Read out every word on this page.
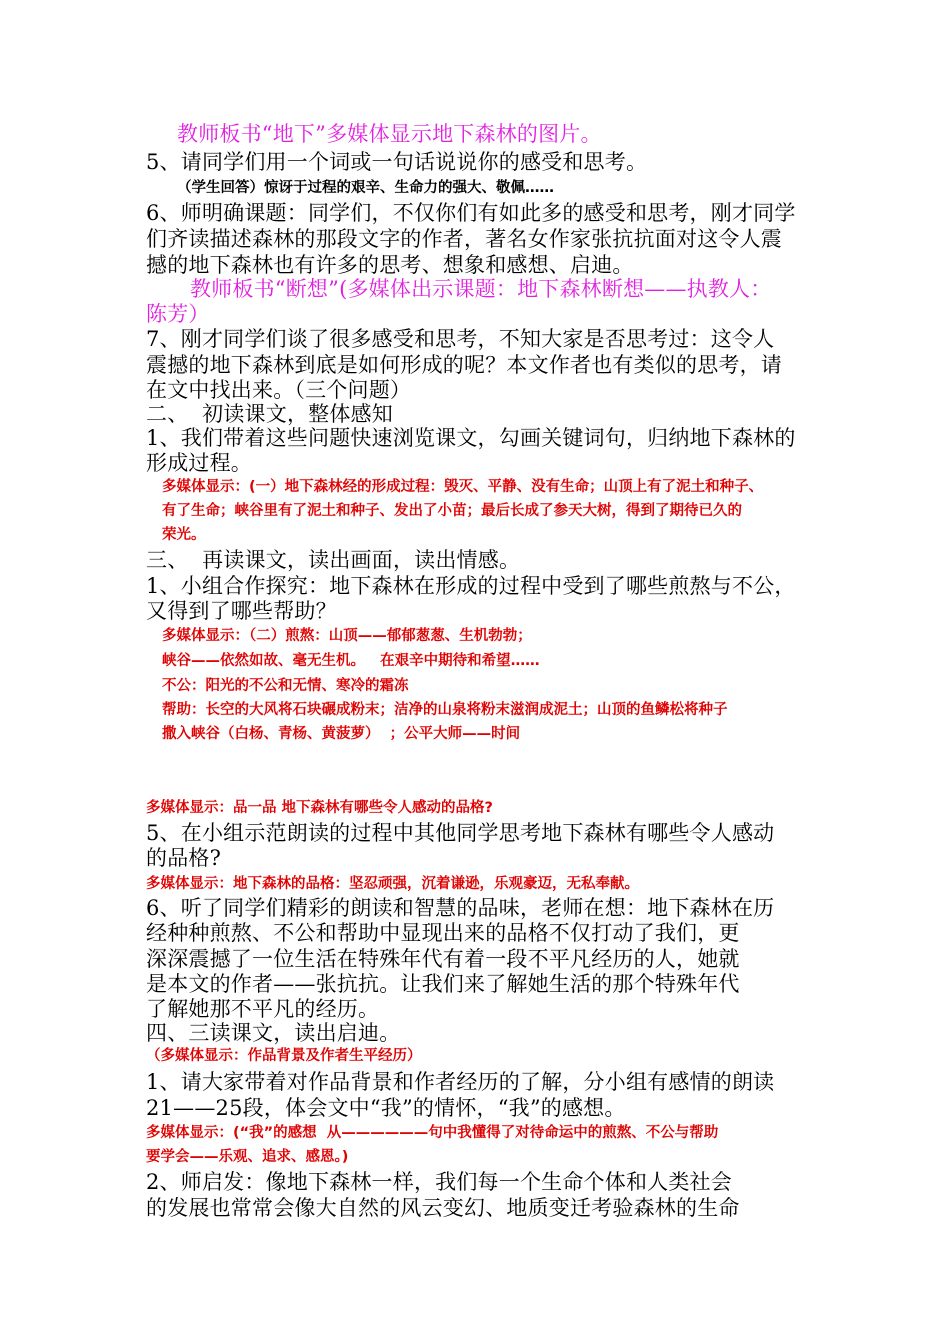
教师板书“地下”多媒体显示地下森林的图片。
5、请同学们用一个词或一句话说说你的感受和思考。
（学生回答）惊讶于过程的艰辛、生命力的强大、敬佩……
6、师明确课题：同学们，不仅你们有如此多的感受和思考，刚才同学
们齐读描述森林的那段文字的作者，著名女作家张抗抗面对这令人震
撼的地下森林也有许多的思考、想象和感想、启迪。
教师板书“断想”(多媒体出示课题：地下森林断想——执教人：
陈芳）
7、刚才同学们谈了很多感受和思考，不知大家是否思考过：这令人
震撼的地下森林到底是如何形成的呢？本文作者也有类似的思考，请
在文中找出来。（三个问题）
二、  初读课文，整体感知
1、我们带着这些问题快速浏览课文，勾画关键词句，归纳地下森林的
形成过程。
多媒体显示：(一）地下森林经的形成过程：毁灭、平静、没有生命；山顶上有了泥土和种子、
有了生命；峡谷里有了泥土和种子、发出了小苗；最后长成了参天大树，得到了期待已久的
荣光。
三、  再读课文，读出画面，读出情感。
1、小组合作探究：地下森林在形成的过程中受到了哪些煎熬与不公，
又得到了哪些帮助？
多媒体显示：（二）煎熬：山顶——郁郁葱葱、生机勃勃；
峡谷——依然如故、毫无生机。   在艰辛中期待和希望……
不公：阳光的不公和无情、寒冷的霜冻
帮助：长空的大风将石块碾成粉末；洁净的山泉将粉末滋润成泥土；山顶的鱼鳞松将种子
撒入峡谷（白杨、青杨、黄菠萝）  ；公平大师——时间
多媒体显示：品一品 地下森林有哪些令人感动的品格?
5、在小组示范朗读的过程中其他同学思考地下森林有哪些令人感动
的品格?
多媒体显示：地下森林的品格：坚忍顽强，沉着谦逊，乐观豪迈，无私奉献。
6、听了同学们精彩的朗读和智慧的品味，老师在想：地下森林在历
经种种煎熬、不公和帮助中显现出来的品格不仅打动了我们，更
深深震撼了一位生活在特殊年代有着一段不平凡经历的人，她就
是本文的作者——张抗抗。让我们来了解她生活的那个特殊年代
了解她那不平凡的经历。
四、三读课文，读出启迪。
（多媒体显示：作品背景及作者生平经历）
1、请大家带着对作品背景和作者经历的了解，分小组有感情的朗读
21——25段，体会文中“我”的情怀，“我”的感想。
多媒体显示：(“我”的感想  从——————句中我懂得了对待命运中的煎熬、不公与帮助
要学会——乐观、追求、感恩。)
2、师启发：像地下森林一样，我们每一个生命个体和人类社会
的发展也常常会像大自然的风云变幻、地质变迁考验森林的生命
